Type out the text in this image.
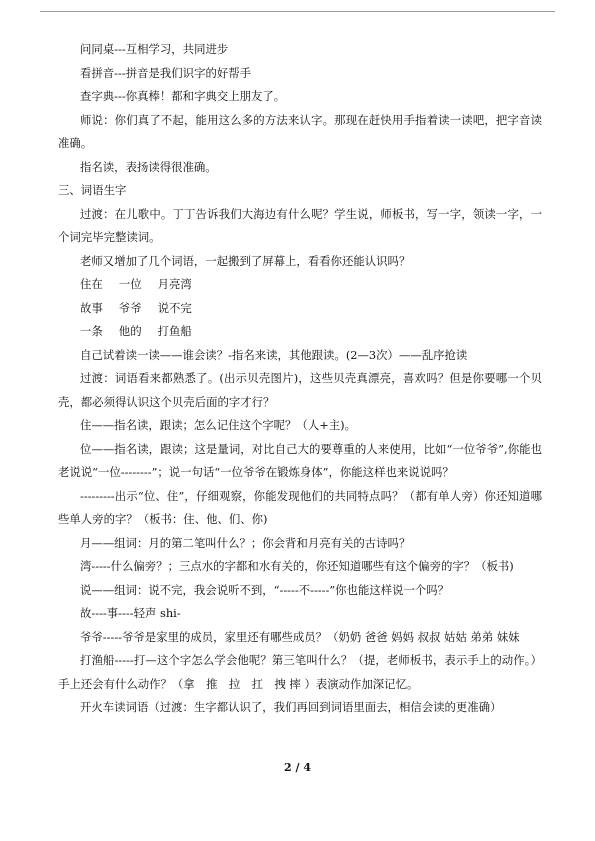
问同桌---互相学习，共同进步

看拼音---拼音是我们识字的好帮手

查字典---你真棒！都和字典交上朋友了。

师说：你们真了不起，能用这么多的方法来认字。那现在赶快用手指着读一读吧，把字音读准确。

指名读，表扬读得很准确。

三、词语生字

过渡：在儿歌中。丁丁告诉我们大海边有什么呢？学生说，师板书，写一字，领读一字，一个词完毕完整读词。

老师又增加了几个词语，一起搬到了屏幕上，看看你还能认识吗？

住在 一位 月亮湾

故事 爷爷 说不完

一条 他的 打鱼船

自己试着读一读——谁会读？-指名来读，其他跟读。(2—3次）——乱序抢读

过渡：词语看来都熟悉了。(出示贝壳图片)，这些贝壳真漂亮，喜欢吗？但是你要哪一个贝壳，都必须得认识这个贝壳后面的字才行？

住——指名读，跟读；怎么记住这个字呢？（人+主)。

位——指名读，跟读；这是量词，对比自己大的要尊重的人来使用，比如“一位爷爷”,你能也老说说“一位--------”；说一句话“一位爷爷在锻炼身体”，你能这样也来说说吗？

---------出示“位、住”，仔细观察，你能发现他们的共同特点吗？（都有单人旁）你还知道哪些单人旁的字？（板书：住、他、们、你)

月——组词：月的第二笔叫什么？；你会背和月亮有关的古诗吗？

湾-----什么偏旁？；三点水的字都和水有关的，你还知道哪些有这个偏旁的字？（板书)

说——组词：说不完，我会说听不到，“-----不-----”你也能这样说一个吗？

故----事----轻声 shi-

爷爷-----爷爷是家里的成员，家里还有哪些成员？（奶奶 爸爸 妈妈 叔叔 姑姑 弟弟 妹妹

打渔船-----打—这个字怎么学会他呢？第三笔叫什么？（提，老师板书，表示手上的动作。）手上还会有什么动作？（拿　推　拉　扛　拽 摔 ）表演动作加深记忆。

开火车读词语（过渡：生字都认识了，我们再回到词语里面去，相信会读的更准确）

2 / 4
